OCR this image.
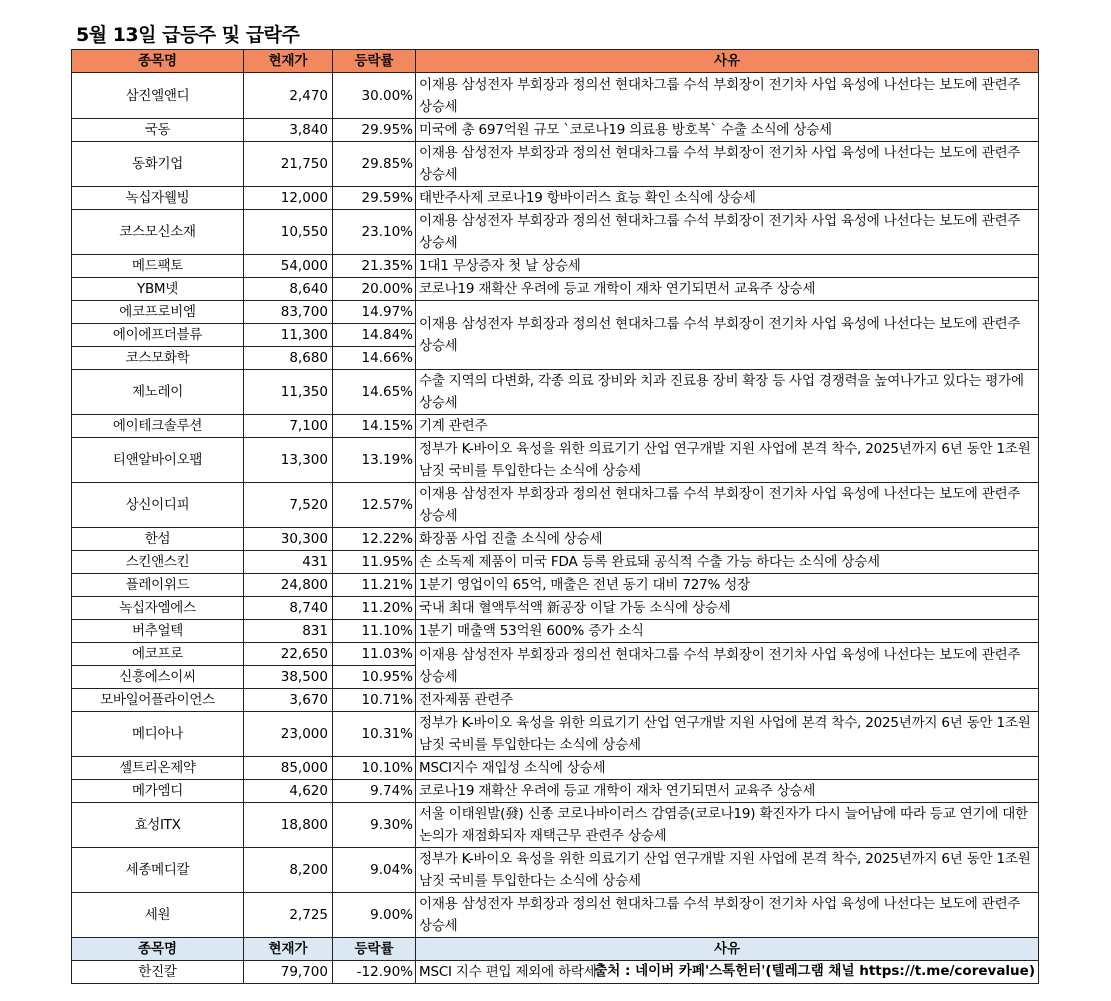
5월 13일 급등주 및 급락주
종목명	현재가	등락률	사유
삼진엘앤디	2,470	30.00%	이재용 삼성전자 부회장과 정의선 현대차그룹 수석 부회장이 전기차 사업 육성에 나선다는 보도에 관련주 상승세
국동	3,840	29.95%	미국에 총 697억원 규모 `코로나19 의료용 방호복` 수출 소식에 상승세
동화기업	21,750	29.85%	이재용 삼성전자 부회장과 정의선 현대차그룹 수석 부회장이 전기차 사업 육성에 나선다는 보도에 관련주 상승세
녹십자웰빙	12,000	29.59%	태반주사제 코로나19 항바이러스 효능 확인 소식에 상승세
코스모신소재	10,550	23.10%	이재용 삼성전자 부회장과 정의선 현대차그룹 수석 부회장이 전기차 사업 육성에 나선다는 보도에 관련주 상승세
메드팩토	54,000	21.35%	1대1 무상증자 첫 날 상승세
YBM넷	8,640	20.00%	코로나19 재확산 우려에 등교 개학이 재차 연기되면서 교육주 상승세
에코프로비엠	83,700	14.97%	이재용 삼성전자 부회장과 정의선 현대차그룹 수석 부회장이 전기차 사업 육성에 나선다는 보도에 관련주 상승세
에이에프더블류	11,300	14.84%	
코스모화학	8,680	14.66%	
제노레이	11,350	14.65%	수출 지역의 다변화, 각종 의료 장비와 치과 진료용 장비 확장 등 사업 경쟁력을 높여나가고 있다는 평가에 상승세
에이테크솔루션	7,100	14.15%	기계 관련주
티앤알바이오팹	13,300	13.19%	정부가 K-바이오 육성을 위한 의료기기 산업 연구개발 지원 사업에 본격 착수, 2025년까지 6년 동안 1조원 남짓 국비를 투입한다는 소식에 상승세
상신이디피	7,520	12.57%	이재용 삼성전자 부회장과 정의선 현대차그룹 수석 부회장이 전기차 사업 육성에 나선다는 보도에 관련주 상승세
한섬	30,300	12.22%	화장품 사업 진출 소식에 상승세
스킨앤스킨	431	11.95%	손 소독제 제품이 미국 FDA 등록 완료돼 공식적 수출 가능 하다는 소식에 상승세
플레이위드	24,800	11.21%	1분기 영업이익 65억, 매출은 전년 동기 대비 727% 성장
녹십자엠에스	8,740	11.20%	국내 최대 혈액투석액 新공장 이달 가동 소식에 상승세
버추얼텍	831	11.10%	1분기 매출액 53억원 600% 증가 소식
에코프로	22,650	11.03%	이재용 삼성전자 부회장과 정의선 현대차그룹 수석 부회장이 전기차 사업 육성에 나선다는 보도에 관련주 상승세
신흥에스이씨	38,500	10.95%	
모바일어플라이언스	3,670	10.71%	전자제품 관련주
메디아나	23,000	10.31%	정부가 K-바이오 육성을 위한 의료기기 산업 연구개발 지원 사업에 본격 착수, 2025년까지 6년 동안 1조원 남짓 국비를 투입한다는 소식에 상승세
셀트리온제약	85,000	10.10%	MSCI지수 재입성 소식에 상승세
메가엠디	4,620	9.74%	코로나19 재확산 우려에 등교 개학이 재차 연기되면서 교육주 상승세
효성ITX	18,800	9.30%	서울 이태원발(發) 신종 코로나바이러스 감염증(코로나19) 확진자가 다시 늘어남에 따라 등교 연기에 대한 논의가 재점화되자 재택근무 관련주 상승세
세종메디칼	8,200	9.04%	정부가 K-바이오 육성을 위한 의료기기 산업 연구개발 지원 사업에 본격 착수, 2025년까지 6년 동안 1조원 남짓 국비를 투입한다는 소식에 상승세
세원	2,725	9.00%	이재용 삼성전자 부회장과 정의선 현대차그룹 수석 부회장이 전기차 사업 육성에 나선다는 보도에 관련주 상승세
종목명	현재가	등락률	사유
한진칼	79,700	-12.90%	MSCI 지수 편입 제외에 하락세
출처 : 네이버 카페'스톡헌터'(텔레그램 채널 https://t.me/corevalue)
